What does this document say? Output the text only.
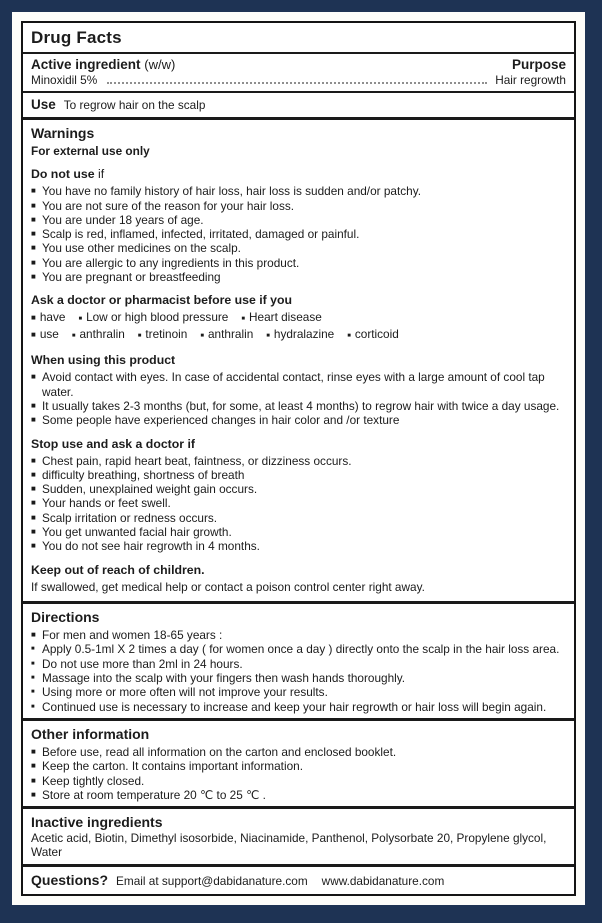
Drug Facts
Active ingredient (w/w)	Purpose
Minoxidil 5%	Hair regrowth
Use To regrow hair on the scalp
Warnings
For external use only
Do not use if
■ You have no family history of hair loss, hair loss is sudden and/or patchy.
■ You are not sure of the reason for your hair loss.
■ You are under 18 years of age.
■ Scalp is red, inflamed, infected, irritated, damaged or painful.
■ You use other medicines on the scalp.
■ You are allergic to any ingredients in this product.
■ You are pregnant or breastfeeding
Ask a doctor or pharmacist before use if you
■ have ■ Low or high blood pressure ■ Heart disease
■ use ■ anthralin ■ tretinoin ■ anthralin ■ hydralazine ■ corticoid
When using this product
■ Avoid contact with eyes. In case of accidental contact, rinse eyes with a large amount of cool tap water.
■ It usually takes 2-3 months (but, for some, at least 4 months) to regrow hair with twice a day usage.
■ Some people have experienced changes in hair color and /or texture
Stop use and ask a doctor if
■ Chest pain, rapid heart beat, faintness, or dizziness occurs.
■ difficulty breathing, shortness of breath
■ Sudden, unexplained weight gain occurs.
■ Your hands or feet swell.
■ Scalp irritation or redness occurs.
■ You get unwanted facial hair growth.
■ You do not see hair regrowth in 4 months.
Keep out of reach of children.

If swallowed, get medical help or contact a poison control center right away.

Directions
■ For men and women 18-65 years :
■ Apply 0.5-1ml X 2 times a day ( for women once a day ) directly onto the scalp in the hair loss area.
■ Do not use more than 2ml in 24 hours.
■ Massage into the scalp with your fingers then wash hands thoroughly.
■ Using more or more often will not improve your results.
■ Continued use is necessary to increase and keep your hair regrowth or hair loss will begin again.
Other information
■ Before use, read all information on the carton and enclosed booklet.
■ Keep the carton. It contains important information.
■ Keep tightly closed.
■ Store at room temperature 20 ℃ to 25 ℃ .
Inactive ingredients
Acetic acid, Biotin, Dimethyl isosorbide, Niacinamide, Panthenol, Polysorbate 20, Propylene glycol, Water
Questions? Email at support@dabidanature.com www.dabidanature.com
